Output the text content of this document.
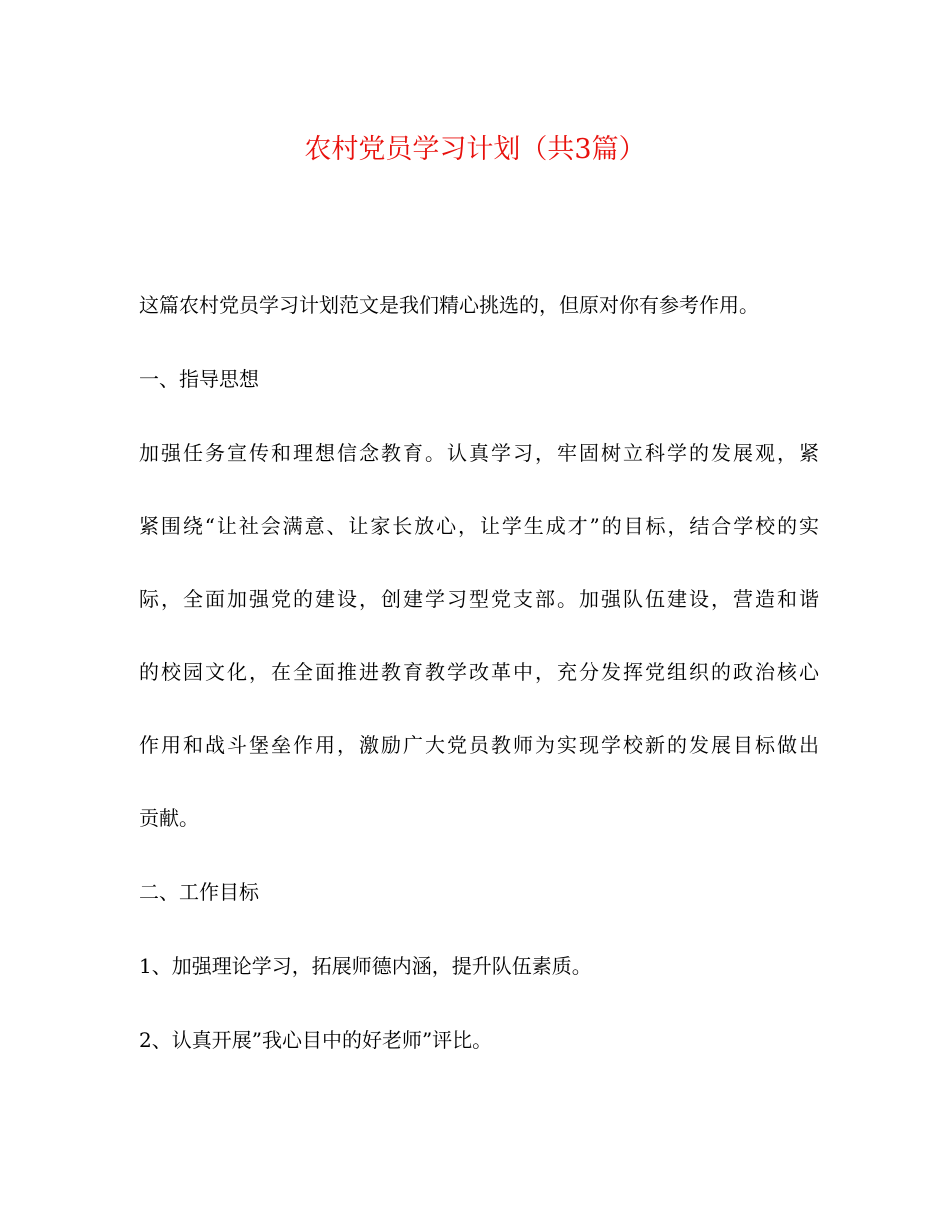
农村党员学习计划（共3篇）

这篇农村党员学习计划范文是我们精心挑选的，但原对你有参考作用。

一、指导思想

加强任务宣传和理想信念教育。认真学习，牢固树立科学的发展观，紧
紧围绕“让社会满意、让家长放心，让学生成才”的目标，结合学校的实
际，全面加强党的建设，创建学习型党支部。加强队伍建设，营造和谐
的校园文化，在全面推进教育教学改革中，充分发挥党组织的政治核心
作用和战斗堡垒作用，激励广大党员教师为实现学校新的发展目标做出
贡献。

二、工作目标

1、加强理论学习，拓展师德内涵，提升队伍素质。

2、认真开展”我心目中的好老师”评比。
